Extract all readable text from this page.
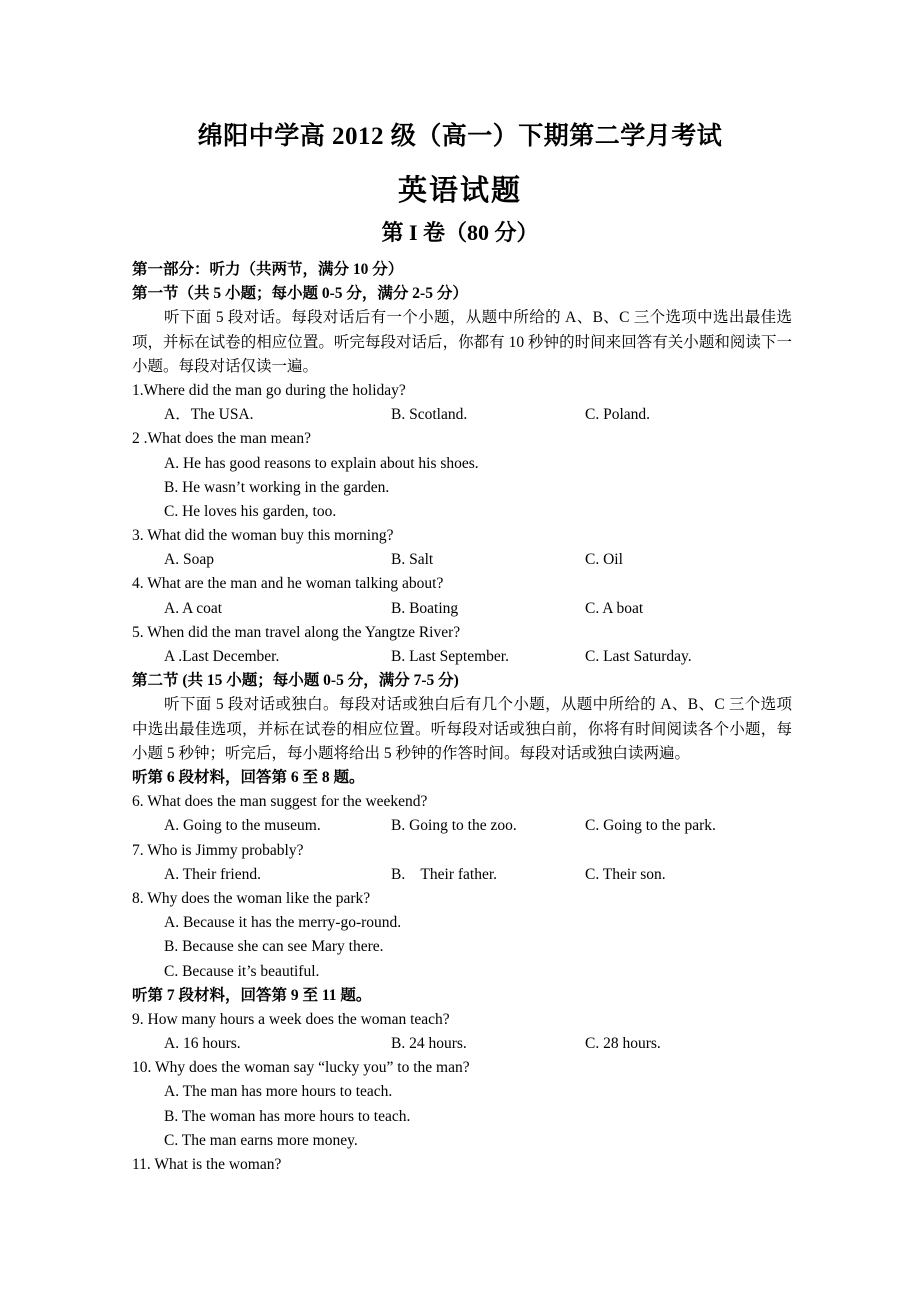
绵阳中学高 2012 级（高一）下期第二学月考试
英语试题
第 I 卷（80 分）
第一部分：听力（共两节，满分 10 分）
第一节（共 5 小题；每小题 0-5 分，满分 2-5 分）
听下面 5 段对话。每段对话后有一个小题，从题中所给的 A、B、C 三个选项中选出最佳选项，并标在试卷的相应位置。听完每段对话后，你都有 10 秒钟的时间来回答有关小题和阅读下一小题。每段对话仅读一遍。
1.Where did the man go during the holiday?
A．The USA.	B. Scotland.	C. Poland.
2 .What does the man mean?
A. He has good reasons to explain about his shoes.
B. He wasn’t working in the garden.
C. He loves his garden, too.
3. What did the woman buy this morning?
A. Soap	B. Salt	C. Oil
4. What are the man and he woman talking about?
A. A coat	B. Boating	C. A boat
5. When did the man travel along the Yangtze River?
A .Last December.	B. Last September.	C. Last Saturday.
第二节 (共 15 小题；每小题 0-5 分，满分 7-5 分)
听下面 5 段对话或独白。每段对话或独白后有几个小题，从题中所给的 A、B、C 三个选项中选出最佳选项，并标在试卷的相应位置。听每段对话或独白前，你将有时间阅读各个小题，每小题 5 秒钟；听完后，每小题将给出 5 秒钟的作答时间。每段对话或独白读两遍。
听第 6 段材料，回答第 6 至 8 题。
6. What does the man suggest for the weekend?
A. Going to the museum.	B. Going to the zoo.	C. Going to the park.
7. Who is Jimmy probably?
A. Their friend.	B.    Their father.	C. Their son.
8. Why does the woman like the park?
A. Because it has the merry-go-round.
B. Because she can see Mary there.
C. Because it’s beautiful.
听第 7 段材料，回答第 9 至 11 题。
9. How many hours a week does the woman teach?
A. 16 hours.	B. 24 hours.	C. 28 hours.
10. Why does the woman say “lucky you” to the man?
A. The man has more hours to teach.
B. The woman has more hours to teach.
C. The man earns more money.
11. What is the woman?
